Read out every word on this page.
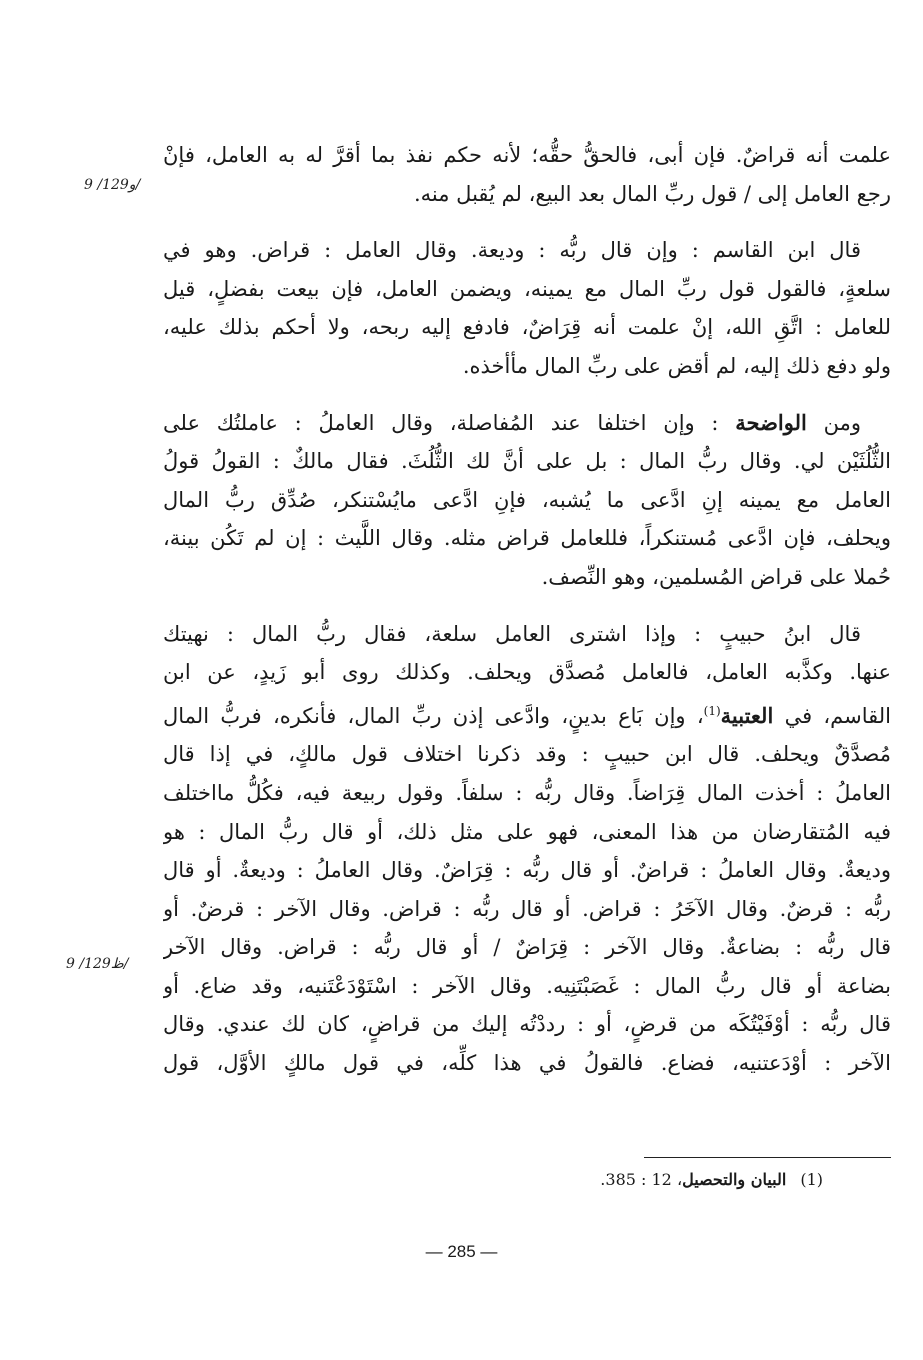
9 /129و/
9 /129ظ/

علمت أنه قراضٌ. فإن أبى، فالحقُّ حقُّه؛ لأنه حكم نفذ بما أقرَّ له به العامل، فإنْ
رجع العامل إلى / قول ربِّ المال بعد البيع، لم يُقبل منه.

قال ابن القاسم : وإن قال ربُّه : وديعة. وقال العامل : قراض. وهو في
سلعةٍ، فالقول قول ربِّ المال مع يمينه، ويضمن العامل، فإن بيعت بفضلٍ، قيل
للعامل : اتَّقِ الله، إنْ علمت أنه قِرَاضٌ، فادفع إليه ربحه، ولا أحكم بذلك عليه،
ولو دفع ذلك إليه، لم أقض على ربِّ المال مأأخذه.

ومن الواضحة : وإن اختلفا عند المُفاصلة، وقال العاملُ : عاملتُك على
الثُّلُثَيْن لي. وقال ربُّ المال : بل على أنَّ لك الثُّلُثَ. فقال مالكٌ : القولُ قولُ
العامل مع يمينه إنِ ادَّعى ما يُشبه، فإنِ ادَّعى مايُسْتنكر، صُدِّق ربُّ المال
ويحلف، فإن ادَّعى مُستنكراً، فللعامل قراض مثله. وقال اللَّيث : إن لم تَكُن بينة،
حُملا على قراض المُسلمين، وهو النِّصف.

قال ابنُ حبيبٍ : وإذا اشترى العامل سلعة، فقال ربُّ المال : نهيتك
عنها. وكذَّبه العامل، فالعامل مُصدَّق ويحلف. وكذلك روى أبو زَيدٍ، عن ابن
القاسم، في العتبية$^{(1)}$، وإن بَاع بدينٍ، وادَّعى إذن ربِّ المال، فأنكره، فربُّ المال
مُصدَّقٌ ويحلف. قال ابن حبيبٍ : وقد ذكرنا اختلاف قول مالكٍ، في إذا قال
العاملُ : أخذت المال قِرَاضاً. وقال ربُّه : سلفاً. وقول ربيعة فيه، فكُلُّ مااختلف
فيه المُتقارضان من هذا المعنى، فهو على مثل ذلك، أو قال ربُّ المال : هو
وديعةٌ. وقال العاملُ : قراضٌ. أو قال ربُّه : قِرَاضٌ. وقال العاملُ : وديعةٌ. أو قال
ربُّه : قرضٌ. وقال الآخَرُ : قراض. أو قال ربُّه : قراض. وقال الآخر : قرضٌ. أو
قال ربُّه : بضاعةٌ. وقال الآخر : قِرَاضٌ / أو قال ربُّه : قراض. وقال الآخر
بضاعة أو قال ربُّ المال : غَصَبْتَنِيه. وقال الآخر : اسْتَوْدَعْتَنيه، وقد ضاع. أو
قال ربُّه : أوْفَيْتُكَه من قرضٍ، أو : رددْتُه إليك من قراضٍ، كان لك عندي. وقال
الآخر : أوْدَعتنيه، فضاع. فالقولُ في هذا كلِّه، في قول مالكٍ الأوَّل، قول

(1)البيان والتحصيل، 12 : 385.
— 285 —
